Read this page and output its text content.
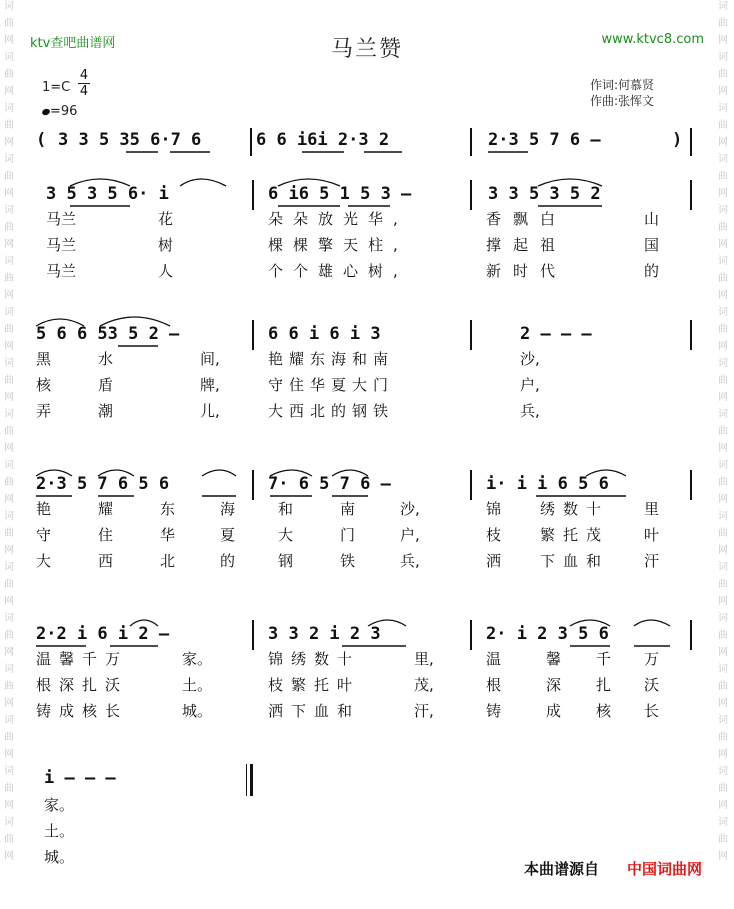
词
曲
网
词
曲
网
词
曲
网
词
曲
网
词
曲
网
词
曲
网
词
曲
网
词
曲
网
词
曲
网
词
曲
网
词
曲
网
词
曲
网
词
曲
网
词
曲
网
词
曲
网
词
曲
网
词
曲
网
词
曲
网
词
曲
网
词
曲
网
词
曲
网
词
曲
网
词
曲
网
词
曲
网
词
曲
网
词
曲
网
词
曲
网
词
曲
网
词
曲
网
词
曲
网
词
曲
网
词
曲
网
词
曲
网
词
曲
网
ktv查吧曲谱网	马兰赞	www.ktvc8.com
$1=C \frac{4}{4}$
=96
作词:何慕贤
作曲:张恽文
( 3 3 5 35 6·7 6	6 6 i6i 2·3 2	2·3 5 7 6 –	)
3 5 3 5 6· i	6 i6 5 1 5 3 –	3 3 5 3 5 2
马兰	花	朵朵放光华,	香飘白	山
马兰	树	棵棵擎天柱,	撑起祖	国
马兰	人	个个雄心树,	新时代	的
5 6 6 53 5 2 –	6 6 i 6 i 3	2 – – –
黑	水	间,	艳耀东海和南	沙,
核	盾	牌,	守住华夏大门	户,
弄	潮	儿,	大西北的钢铁	兵,
2·3 5 7 6 5 6	7· 6 5 7 6 –	i· i i 6 5 6
艳	耀	东	海	和	南	沙,	锦	绣数十 里
守	住	华	夏	大	门	户,	枝	繁托茂 叶
大	西	北	的	钢	铁	兵,	洒	下血和 汗
2·2 i 6 i 2 –	3 3 2 i 2 3	2· i 2 3 5 6
温馨千万	家。	锦绣数十	里,	温	馨 千 万
根深扎沃	土。	枝繁托叶	茂,	根	深 扎 沃
铸成核长	城。	洒下血和	汗,	铸	成 核 长
i – – –
家。
土。
城。
本曲谱源自 中国词曲网
